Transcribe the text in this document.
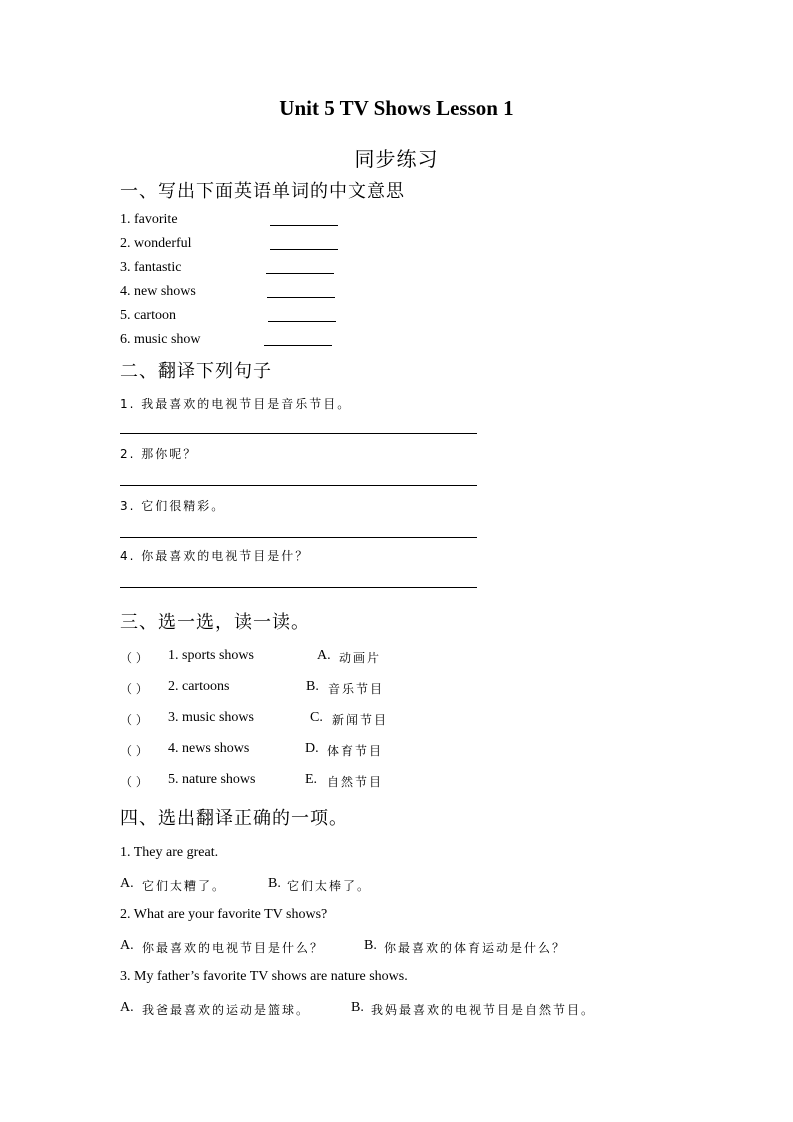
Unit 5 TV Shows Lesson 1
同步练习
一、写出下面英语单词的中文意思
1. favorite
2. wonderful
3. fantastic
4. new shows
5. cartoon
6. music show
二、翻译下列句子
1. 我最喜欢的电视节目是音乐节目。
2. 那你呢？
3. 它们很精彩。
4. 你最喜欢的电视节目是什？
三、选一选，读一读。
（ ） 1. sports shows	A. 动画片
（ ） 2. cartoons	B. 音乐节目
（ ） 3. music shows	C. 新闻节目
（ ） 4. news shows	D. 体育节目
（ ） 5. nature shows	E. 自然节目
四、选出翻译正确的一项。
1. They are great.
A. 它们太糟了。	B. 它们太棒了。
2. What are your favorite TV shows?
A. 你最喜欢的电视节目是什么？	B. 你最喜欢的体育运动是什么？
3. My father’s favorite TV shows are nature shows.
A. 我爸最喜欢的运动是篮球。	B. 我妈最喜欢的电视节目是自然节目。
